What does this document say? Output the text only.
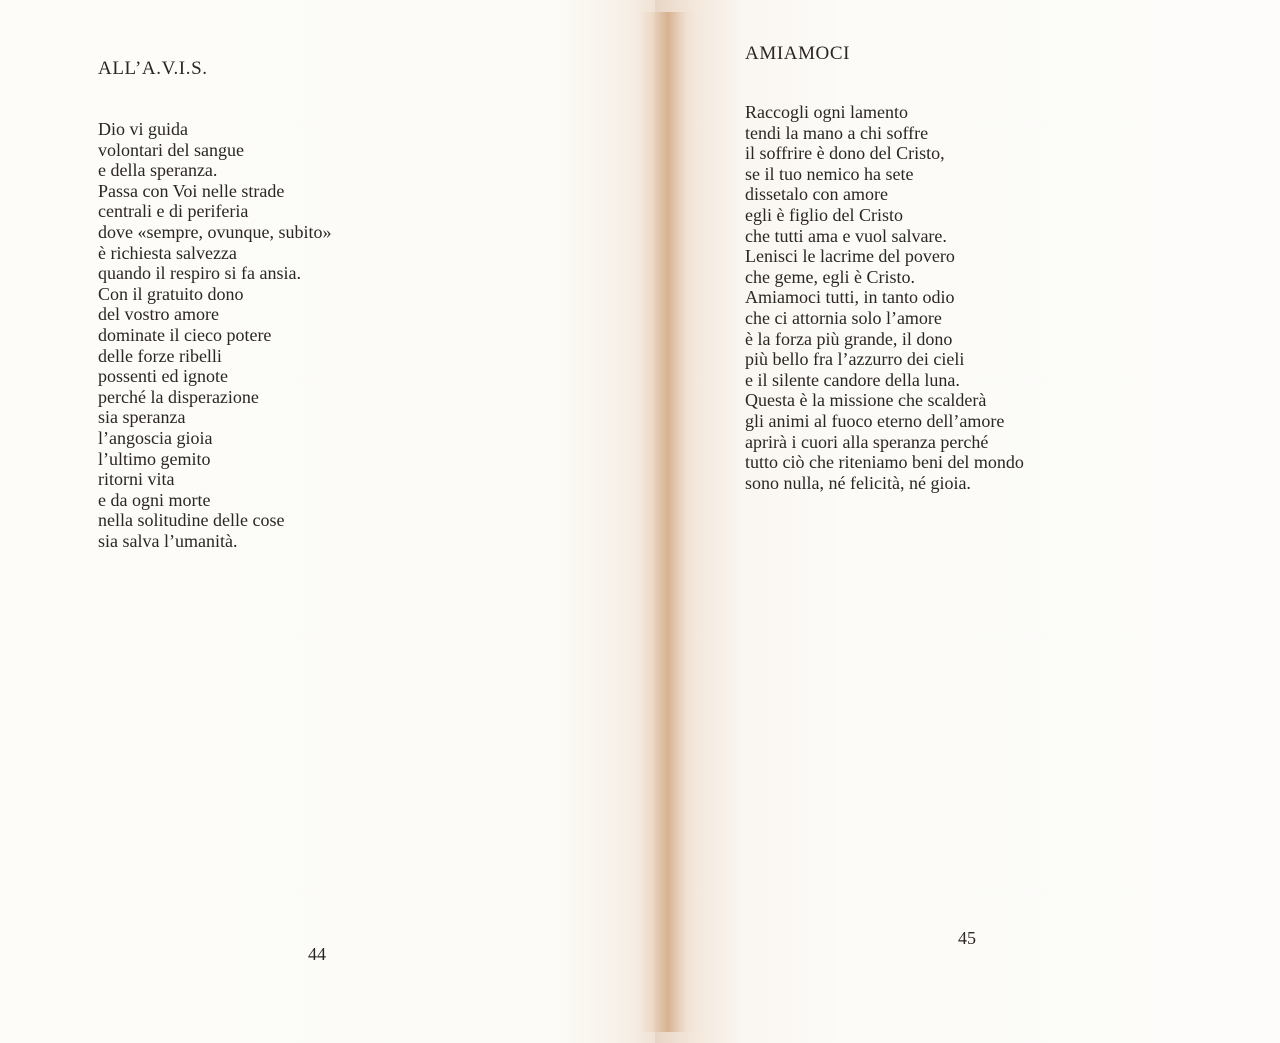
ALL’A.V.I.S.
Dio vi guida
volontari del sangue
e della speranza.
Passa con Voi nelle strade
centrali e di periferia
dove «sempre, ovunque, subito»
è richiesta salvezza
quando il respiro si fa ansia.
Con il gratuito dono
del vostro amore
dominate il cieco potere
delle forze ribelli
possenti ed ignote
perché la disperazione
sia speranza
l’angoscia gioia
l’ultimo gemito
ritorni vita
e da ogni morte
nella solitudine delle cose
sia salva l’umanità.
44
AMIAMOCI
Raccogli ogni lamento
tendi la mano a chi soffre
il soffrire è dono del Cristo,
se il tuo nemico ha sete
dissetalo con amore
egli è figlio del Cristo
che tutti ama e vuol salvare.
Lenisci le lacrime del povero
che geme, egli è Cristo.
Amiamoci tutti, in tanto odio
che ci attornia solo l’amore
è la forza più grande, il dono
più bello fra l’azzurro dei cieli
e il silente candore della luna.
Questa è la missione che scalderà
gli animi al fuoco eterno dell’amore
aprirà i cuori alla speranza perché
tutto ciò che riteniamo beni del mondo
sono nulla, né felicità, né gioia.
45
